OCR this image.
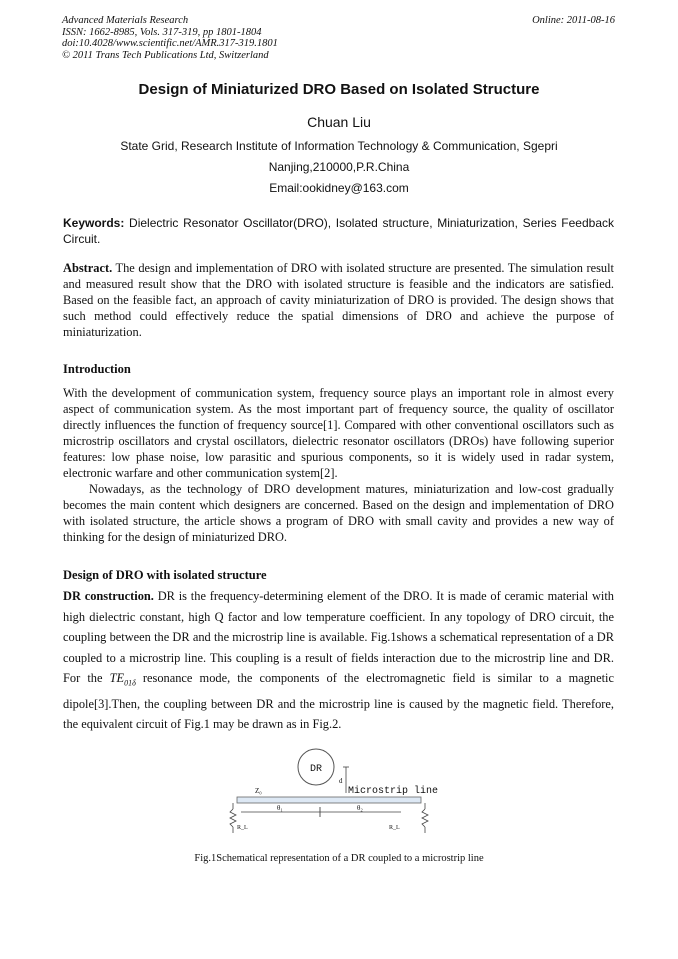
Advanced Materials Research
ISSN: 1662-8985, Vols. 317-319, pp 1801-1804
doi:10.4028/www.scientific.net/AMR.317-319.1801
© 2011 Trans Tech Publications Ltd, Switzerland
Online: 2011-08-16
Design of Miniaturized DRO Based on Isolated Structure
Chuan Liu
State Grid, Research Institute of Information Technology & Communication, Sgepri
Nanjing,210000,P.R.China
Email:ookidney@163.com
Keywords: Dielectric Resonator Oscillator(DRO), Isolated structure, Miniaturization, Series Feedback Circuit.

Abstract. The design and implementation of DRO with isolated structure are presented. The simulation result and measured result show that the DRO with isolated structure is feasible and the indicators are satisfied. Based on the feasible fact, an approach of cavity miniaturization of DRO is provided. The design shows that such method could effectively reduce the spatial dimensions of DRO and achieve the purpose of miniaturization.

Introduction

With the development of communication system, frequency source plays an important role in almost every aspect of communication system. As the most important part of frequency source, the quality of oscillator directly influences the function of frequency source[1]. Compared with other conventional oscillators such as microstrip oscillators and crystal oscillators, dielectric resonator oscillators (DROs) have following superior features: low phase noise, low parasitic and spurious components, so it is widely used in radar system, electronic warfare and other communication system[2].

Nowadays, as the technology of DRO development matures, miniaturization and low-cost gradually becomes the main content which designers are concerned. Based on the design and implementation of DRO with isolated structure, the article shows a program of DRO with small cavity and provides a new way of thinking for the design of miniaturized DRO.

Design of DRO with isolated structure

DR construction. DR is the frequency-determining element of the DRO. It is made of ceramic material with high dielectric constant, high Q factor and low temperature coefficient. In any topology of DRO circuit, the coupling between the DR and the microstrip line is available. Fig.1shows a schematical representation of a DR coupled to a microstrip line. This coupling is a result of fields interaction due to the microstrip line and DR. For the $TE_{01\delta}$ resonance mode, the components of the electromagnetic field is similar to a magnetic dipole[3].Then, the coupling between DR and the microstrip line is caused by the magnetic field. Therefore, the equivalent circuit of Fig.1 may be drawn as in Fig.2.

DR
d
Microstrip line
Z₀
θ₁	θ₂
R_L	R_L
Fig.1Schematical representation of a DR coupled to a microstrip line
